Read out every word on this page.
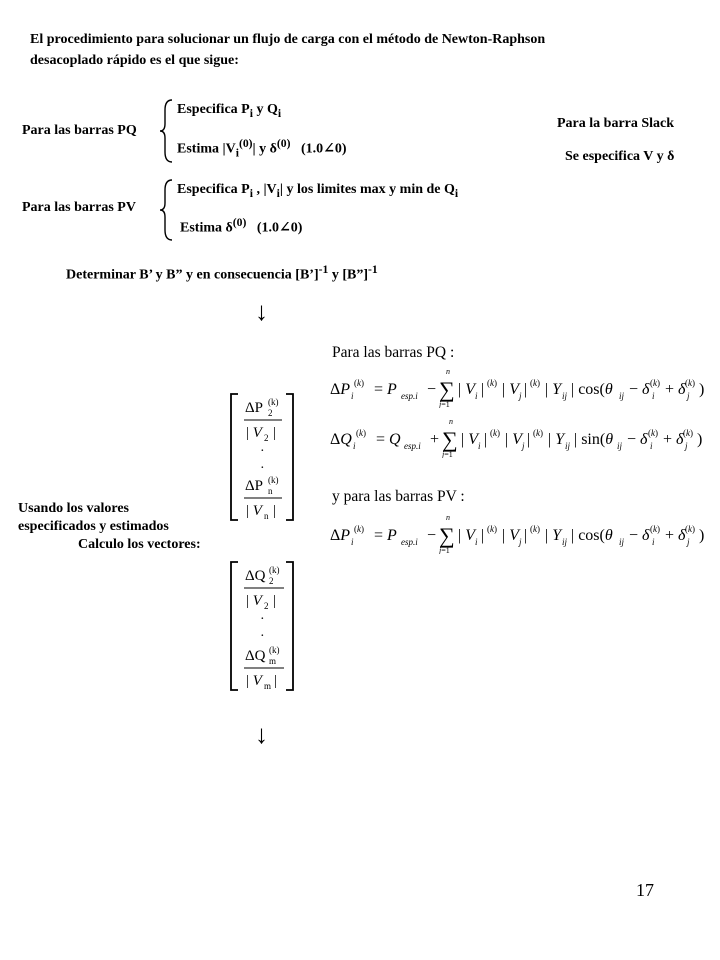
El procedimiento para solucionar un flujo de carga con el método de Newton-Raphson
desacoplado rápido es el que sigue:
Para las barras PQ
Especifica $P_i$ y $Q_i$
Estima $|V_i^{(0)}|$ y $\delta^{(0)}$ (1.0∠0)
Para la barra Slack
Se especifica V y δ
Para las barras PV
Especifica $P_i$ , $|V_i|$ y los limites max y min de $Q_i$
Estima $\delta^{(0)}$ (1.0∠0)
Determinar B’ y B” y en consecuencia [B’]$^{-1}$ y [B”]$^{-1}$
↓
↓
Usando los valores
especificados y estimados
Calculo los vectores:
ΔP (k)
2
| V 2 |
·
·
ΔP (k)
n
| V n |
ΔQ (k)
2
| V 2 |
·
·
ΔQ (k)
m
| V m |
Para las barras PQ :
ΔP i
(k) = P esp.i − ∑
n
j=1
| V i | (k) | V j | (k) | Y ij | cos(θ ij − δ (k)
i + δ (k)
j )
ΔQ i
(k) = Q esp.i + ∑
n
j=1
| V i | (k) | V j | (k) | Y ij | sin(θ ij − δ (k)
i + δ (k)
j )
y para las barras PV :
ΔP i
(k) = P esp.i − ∑
n
j=1
| V i | (k) | V j | (k) | Y ij | cos(θ ij − δ (k)
i + δ (k)
j )
17
